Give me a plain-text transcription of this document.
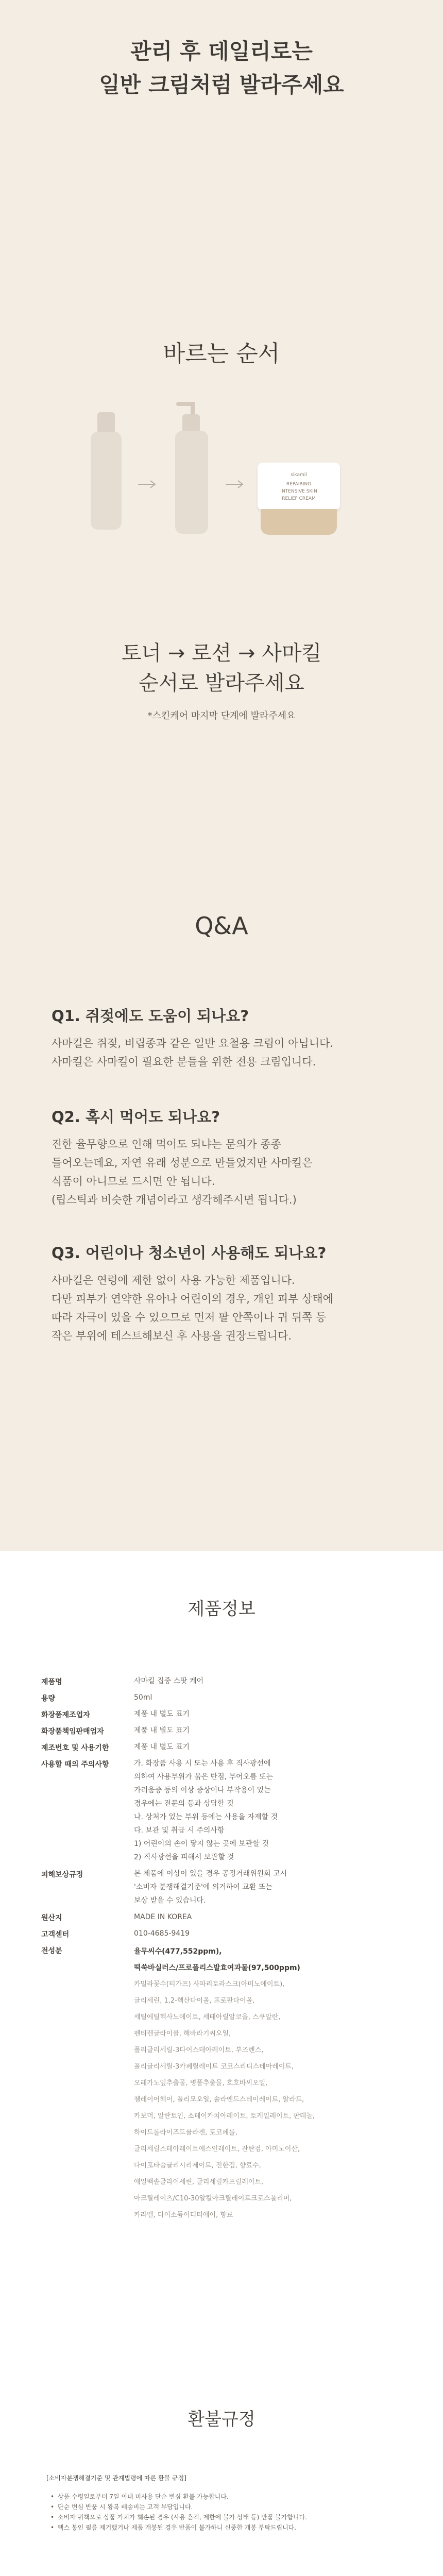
관리 후 데일리로는
일반 크림처럼 발라주세요
바르는 순서
sikamil
REPAIRING
INTENSIVE SKIN
RELIEF CREAM
토너 → 로션 → 사마킬
순서로 발라주세요
*스킨케어 마지막 단계에 발라주세요
Q&A
Q1. 쥐젖에도 도움이 되나요?
사마킬은 쥐젖, 비립종과 같은 일반 요철용 크림이 아닙니다.
사마킬은 사마킬이 필요한 분들을 위한 전용 크림입니다.
Q2. 혹시 먹어도 되나요?
진한 율무향으로 인해 먹어도 되냐는 문의가 종종
들어오는데요, 자연 유래 성분으로 만들었지만 사마킬은
식품이 아니므로 드시면 안 됩니다.
(립스틱과 비슷한 개념이라고 생각해주시면 됩니다.)
Q3. 어린이나 청소년이 사용해도 되나요?
사마킬은 연령에 제한 없이 사용 가능한 제품입니다.
다만 피부가 연약한 유아나 어린이의 경우, 개인 피부 상태에
따라 자극이 있을 수 있으므로 먼저 팔 안쪽이나 귀 뒤쪽 등
작은 부위에 테스트해보신 후 사용을 권장드립니다.
제품정보
제품명	사마킬 집중 스팟 케어
용량	50ml
화장품제조업자	제품 내 별도 표기
화장품책임판매업자	제품 내 별도 표기
제조번호 및 사용기한	제품 내 별도 표기
사용할 때의 주의사항	가. 화장품 사용 시 또는 사용 후 직사광선에
의하여 사용부위가 붉은 반점, 부어오름 또는
가려움증 등의 이상 증상이나 부작용이 있는
경우에는 전문의 등과 상담할 것
나. 상처가 있는 부위 등에는 사용을 자제할 것
다. 보관 및 취급 시 주의사항
1) 어린이의 손이 닿지 않는 곳에 보관할 것
2) 직사광선을 피해서 보관할 것
피해보상규정	본 제품에 이상이 있을 경우 공정거래위원회 고시
'소비자 분쟁해결기준'에 의거하여 교환 또는
보상 받을 수 있습니다.
원산지	MADE IN KOREA
고객센터	010-4685-9419
전성분	율무씨수(477,552ppm),
떡쑥바실러스/프로폴리스발효여과물(97,500ppm)
카밀라꽃수(티가프) 사파리토라스크(아미노에이트),
글리세린, 1,2-헥산다이올, 프로판다이올,
세틸에틸헥사노에이트, 세테아릴알코올, 스쿠알란,
펜티렌글라이콜, 해바라기씨오일,
폴리글리세릴-3다이스테아레이트, 부즈렌스,
폴리글리세릴-3카페릴레이트 코코스리디스테아레이트,
오레가노잎추출물, 병풀추출물, 호호바씨오일,
첼레이어헤어, 폴리모오일, 솔라엔드스테이레이트, 알라드,
카보머, 알란토인, 소테이카치아레이트, 토케일레이트, 판테놀,
하이드롤라이즈드콜라겐, 토코페롤,
글리세릴스테아레이트에스인레이트, 잔탄검, 아미노이산,
다이포타슘글리시리제이트, 진한검, 향료수,
애일백솔글라이세린, 글리세릴카프릴레이트,
아크릴레이츠/C10-30알킬아크릴레이트크로스폴리머,
카라멜, 다이소듐이디티에이, 향료
환불규정
[소비자분쟁해결기준 및 관계법령에 따른 환불 규정]
• 상품 수령일로부터 7일 이내 미사용 단순 변심 환불 가능합니다.
• 단순 변심 반품 시 왕복 배송비는 고객 부담입니다.
• 소비자 귀책으로 상품 가치가 훼손된 경우 (사용 흔적, 제한에 불가 상태 등) 반품 불가합니다.
• 택스 봉인 필름 제거했거나 제품 개봉된 경우 반품이 불가하니 신중한 개봉 부탁드립니다.
